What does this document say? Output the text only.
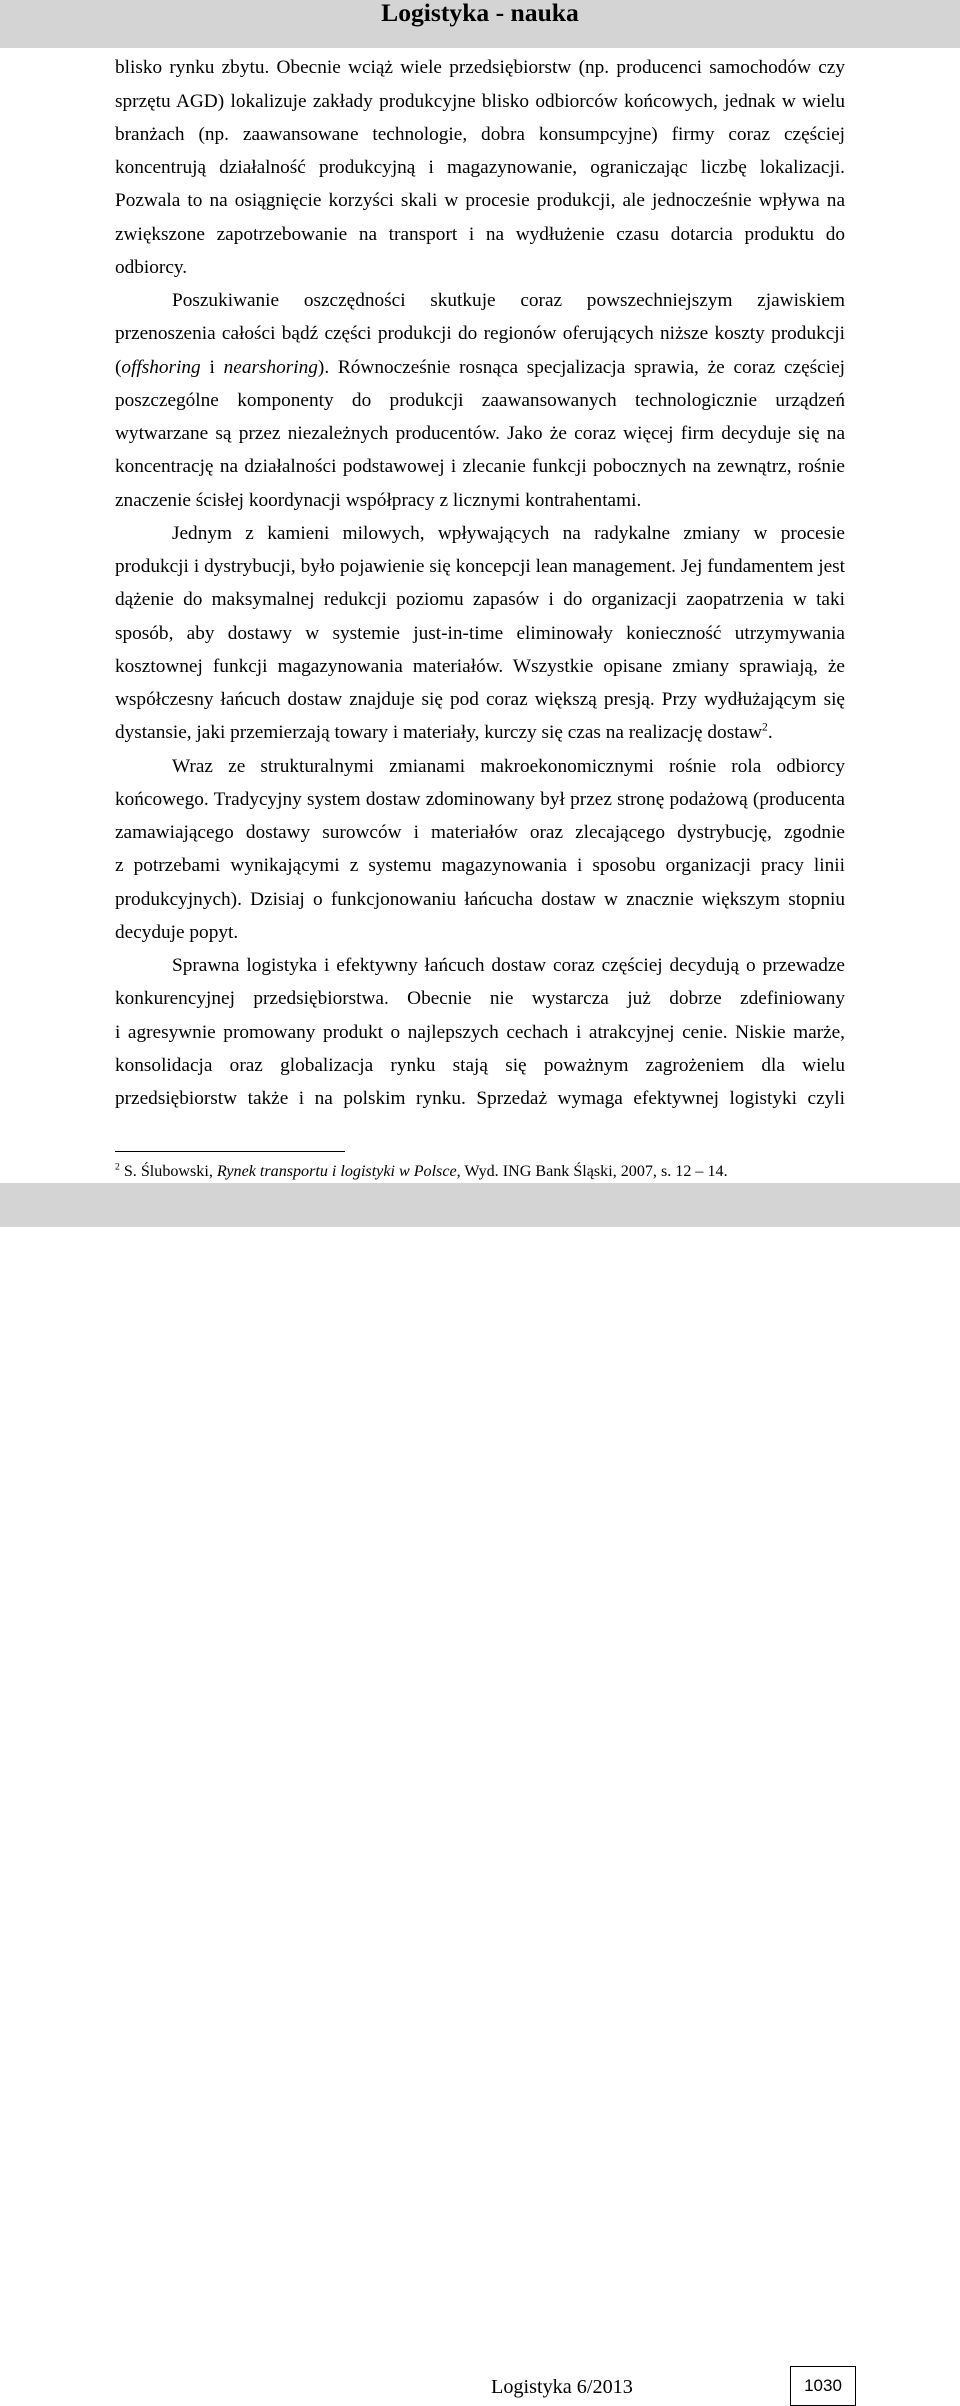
Logistyka - nauka
blisko rynku zbytu. Obecnie wciąż wiele przedsiębiorstw (np. producenci samochodów czy
sprzętu AGD) lokalizuje zakłady produkcyjne blisko odbiorców końcowych, jednak w wielu
branżach (np. zaawansowane technologie, dobra konsumpcyjne) firmy coraz częściej
koncentrują działalność produkcyjną i magazynowanie, ograniczając liczbę lokalizacji.
Pozwala to na osiągnięcie korzyści skali w procesie produkcji, ale jednocześnie wpływa na
zwiększone zapotrzebowanie na transport i na wydłużenie czasu dotarcia produktu do
odbiorcy.
Poszukiwanie oszczędności skutkuje coraz powszechniejszym zjawiskiem
przenoszenia całości bądź części produkcji do regionów oferujących niższe koszty produkcji
(offshoring i nearshoring). Równocześnie rosnąca specjalizacja sprawia, że coraz częściej
poszczególne komponenty do produkcji zaawansowanych technologicznie urządzeń
wytwarzane są przez niezależnych producentów. Jako że coraz więcej firm decyduje się na
koncentrację na działalności podstawowej i zlecanie funkcji pobocznych na zewnątrz, rośnie
znaczenie ścisłej koordynacji współpracy z licznymi kontrahentami.
Jednym z kamieni milowych, wpływających na radykalne zmiany w procesie
produkcji i dystrybucji, było pojawienie się koncepcji lean management. Jej fundamentem jest
dążenie do maksymalnej redukcji poziomu zapasów i do organizacji zaopatrzenia w taki
sposób, aby dostawy w systemie just-in-time eliminowały konieczność utrzymywania
kosztownej funkcji magazynowania materiałów. Wszystkie opisane zmiany sprawiają, że
współczesny łańcuch dostaw znajduje się pod coraz większą presją. Przy wydłużającym się
dystansie, jaki przemierzają towary i materiały, kurczy się czas na realizację dostaw$^2$.
Wraz ze strukturalnymi zmianami makroekonomicznymi rośnie rola odbiorcy
końcowego. Tradycyjny system dostaw zdominowany był przez stronę podażową (producenta
zamawiającego dostawy surowców i materiałów oraz zlecającego dystrybucję, zgodnie
z potrzebami wynikającymi z systemu magazynowania i sposobu organizacji pracy linii
produkcyjnych). Dzisiaj o funkcjonowaniu łańcucha dostaw w znacznie większym stopniu
decyduje popyt.
Sprawna logistyka i efektywny łańcuch dostaw coraz częściej decydują o przewadze
konkurencyjnej przedsiębiorstwa. Obecnie nie wystarcza już dobrze zdefiniowany
i agresywnie promowany produkt o najlepszych cechach i atrakcyjnej cenie. Niskie marże,
konsolidacja oraz globalizacja rynku stają się poważnym zagrożeniem dla wielu
przedsiębiorstw także i na polskim rynku. Sprzedaż wymaga efektywnej logistyki czyli
$^2$ S. Ślubowski, Rynek transportu i logistyki w Polsce, Wyd. ING Bank Śląski, 2007, s. 12 – 14.
Logistyka 6/2013	1030
